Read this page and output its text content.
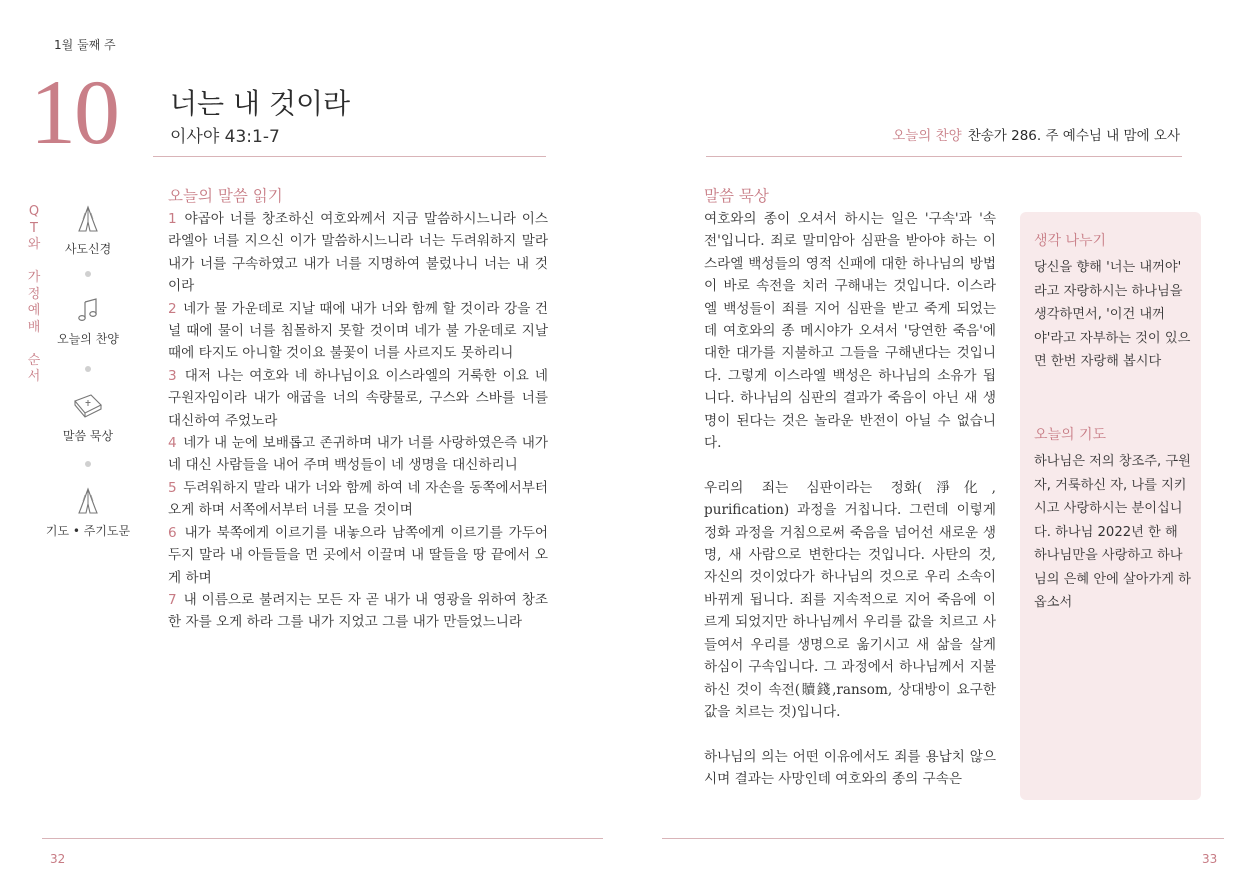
1월 둘째 주
10 너는 내 것이라
이사야 43:1-7	오늘의 찬양 찬송가 286. 주 예수님 내 맘에 오사
Q
T
와

가
정
예
배

순
서
사도신경
오늘의 찬양
말씀 묵상
기도 • 주기도문
오늘의 말씀 읽기
1 야곱아 너를 창조하신 여호와께서 지금 말씀하시느니라 이스라엘아 너를 지으신 이가 말씀하시느니라 너는 두려워하지 말라 내가 너를 구속하였고 내가 너를 지명하여 불렀나니 너는 내 것이라
2 네가 물 가운데로 지날 때에 내가 너와 함께 할 것이라 강을 건널 때에 물이 너를 침몰하지 못할 것이며 네가 불 가운데로 지날 때에 타지도 아니할 것이요 불꽃이 너를 사르지도 못하리니
3 대저 나는 여호와 네 하나님이요 이스라엘의 거룩한 이요 네 구원자임이라 내가 애굽을 너의 속량물로, 구스와 스바를 너를 대신하여 주었노라
4 네가 내 눈에 보배롭고 존귀하며 내가 너를 사랑하였은즉 내가 네 대신 사람들을 내어 주며 백성들이 네 생명을 대신하리니
5 두려워하지 말라 내가 너와 함께 하여 네 자손을 동쪽에서부터 오게 하며 서쪽에서부터 너를 모을 것이며
6 내가 북쪽에게 이르기를 내놓으라 남쪽에게 이르기를 가두어 두지 말라 내 아들들을 먼 곳에서 이끌며 내 딸들을 땅 끝에서 오게 하며
7 내 이름으로 불려지는 모든 자 곧 내가 내 영광을 위하여 창조한 자를 오게 하라 그를 내가 지었고 그를 내가 만들었느니라
말씀 묵상

여호와의 종이 오셔서 하시는 일은 '구속'과 '속전'입니다. 죄로 말미암아 심판을 받아야 하는 이스라엘 백성들의 영적 신패에 대한 하나님의 방법이 바로 속전을 치러 구해내는 것입니다. 이스라엘 백성들이 죄를 지어 심판을 받고 죽게 되었는데 여호와의 종 메시야가 오셔서 '당연한 죽음'에 대한 대가를 지불하고 그들을 구해낸다는 것입니다. 그렇게 이스라엘 백성은 하나님의 소유가 됩니다. 하나님의 심판의 결과가 죽음이 아닌 새 생명이 된다는 것은 놀라운 반전이 아닐 수 없습니다.

우리의 죄는 심판이라는 정화(淨化, purification) 과정을 거칩니다. 그런데 이렇게 정화 과정을 거침으로써 죽음을 넘어선 새로운 생명, 새 사람으로 변한다는 것입니다. 사탄의 것, 자신의 것이었다가 하나님의 것으로 우리 소속이 바뀌게 됩니다. 죄를 지속적으로 지어 죽음에 이르게 되었지만 하나님께서 우리를 값을 치르고 사들여서 우리를 생명으로 옮기시고 새 삶을 살게 하심이 구속입니다. 그 과정에서 하나님께서 지불하신 것이 속전(贖錢,ransom, 상대방이 요구한 값을 치르는 것)입니다.

하나님의 의는 어떤 이유에서도 죄를 용납치 않으시며 결과는 사망인데 여호와의 종의 구속은

생각 나누기
당신을 향해 '너는 내꺼야' 라고 자랑하시는 하나님을 생각하면서, '이건 내꺼야'라고 자부하는 것이 있으면 한번 자랑해 봅시다
오늘의 기도
하나님은 저의 창조주, 구원자, 거룩하신 자, 나를 지키시고 사랑하시는 분이십니다. 하나님 2022년 한 해 하나님만을 사랑하고 하나님의 은혜 안에 살아가게 하옵소서
32	33
